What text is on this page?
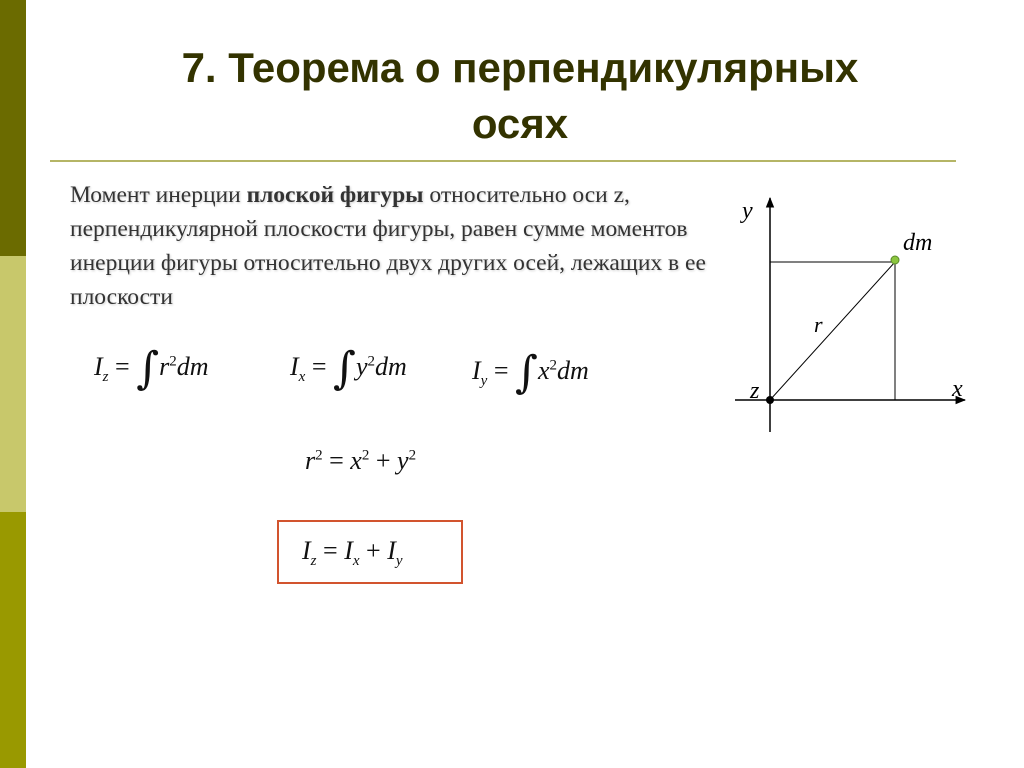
7. Теорема о перпендикулярных
осях

Момент инерции плоской фигуры относительно оси z, перпендикулярной плоскости фигуры, равен сумме моментов инерции фигуры относительно двух других осей, лежащих в ее плоскости

$I_z = \int r^2dm$	$I_x = \int y^2dm$	$I_y = \int x^2dm$
$r^2 = x^2 + y^2$
$I_z = I_x + I_y$
y
x
z
r
dm
